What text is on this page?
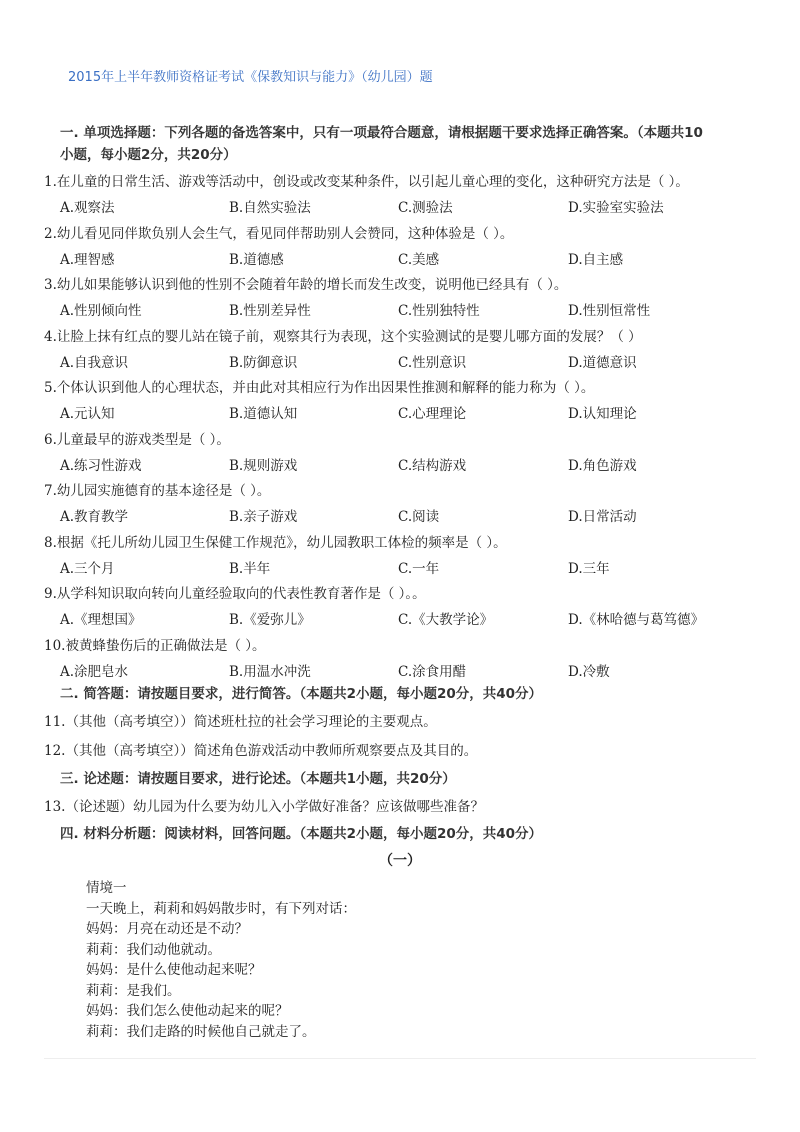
2015年上半年教师资格证考试《保教知识与能力》（幼儿园）题
一. 单项选择题：下列各题的备选答案中，只有一项最符合题意，请根据题干要求选择正确答案。（本题共10
小题，每小题2分，共20分）
1.在儿童的日常生活、游戏等活动中，创设或改变某种条件，以引起儿童心理的变化，这种研究方法是（ ）。
A.观察法	B.自然实验法	C.测验法	D.实验室实验法
2.幼儿看见同伴欺负别人会生气，看见同伴帮助别人会赞同，这种体验是（ ）。
A.理智感	B.道德感	C.美感	D.自主感
3.幼儿如果能够认识到他的性别不会随着年龄的增长而发生改变，说明他已经具有（ ）。
A.性别倾向性	B.性别差异性	C.性别独特性	D.性别恒常性
4.让脸上抹有红点的婴儿站在镜子前，观察其行为表现，这个实验测试的是婴儿哪方面的发展？（ ）
A.自我意识	B.防御意识	C.性别意识	D.道德意识
5.个体认识到他人的心理状态，并由此对其相应行为作出因果性推测和解释的能力称为（ ）。
A.元认知	B.道德认知	C.心理理论	D.认知理论
6.儿童最早的游戏类型是（ ）。
A.练习性游戏	B.规则游戏	C.结构游戏	D.角色游戏
7.幼儿园实施德育的基本途径是（ ）。
A.教育教学	B.亲子游戏	C.阅读	D.日常活动
8.根据《托儿所幼儿园卫生保健工作规范》，幼儿园教职工体检的频率是（ ）。
A.三个月	B.半年	C.一年	D.三年
9.从学科知识取向转向儿童经验取向的代表性教育著作是（ ）。。
A.《理想国》	B.《爱弥儿》	C.《大教学论》	D.《林哈德与葛笃德》
10.被黄蜂蛰伤后的正确做法是（ ）。
A.涂肥皂水	B.用温水冲洗	C.涂食用醋	D.冷敷
二. 简答题：请按题目要求，进行简答。（本题共2小题，每小题20分，共40分）
11.（其他（高考填空））简述班杜拉的社会学习理论的主要观点。
12.（其他（高考填空））简述角色游戏活动中教师所观察要点及其目的。
三. 论述题：请按题目要求，进行论述。（本题共1小题，共20分）
13.（论述题）幼儿园为什么要为幼儿入小学做好准备？应该做哪些准备？
四. 材料分析题：阅读材料，回答问题。（本题共2小题，每小题20分，共40分）
（一）
情境一
一天晚上，莉莉和妈妈散步时，有下列对话：
妈妈：月亮在动还是不动？
莉莉：我们动他就动。
妈妈：是什么使他动起来呢？
莉莉：是我们。
妈妈：我们怎么使他动起来的呢？
莉莉：我们走路的时候他自己就走了。
